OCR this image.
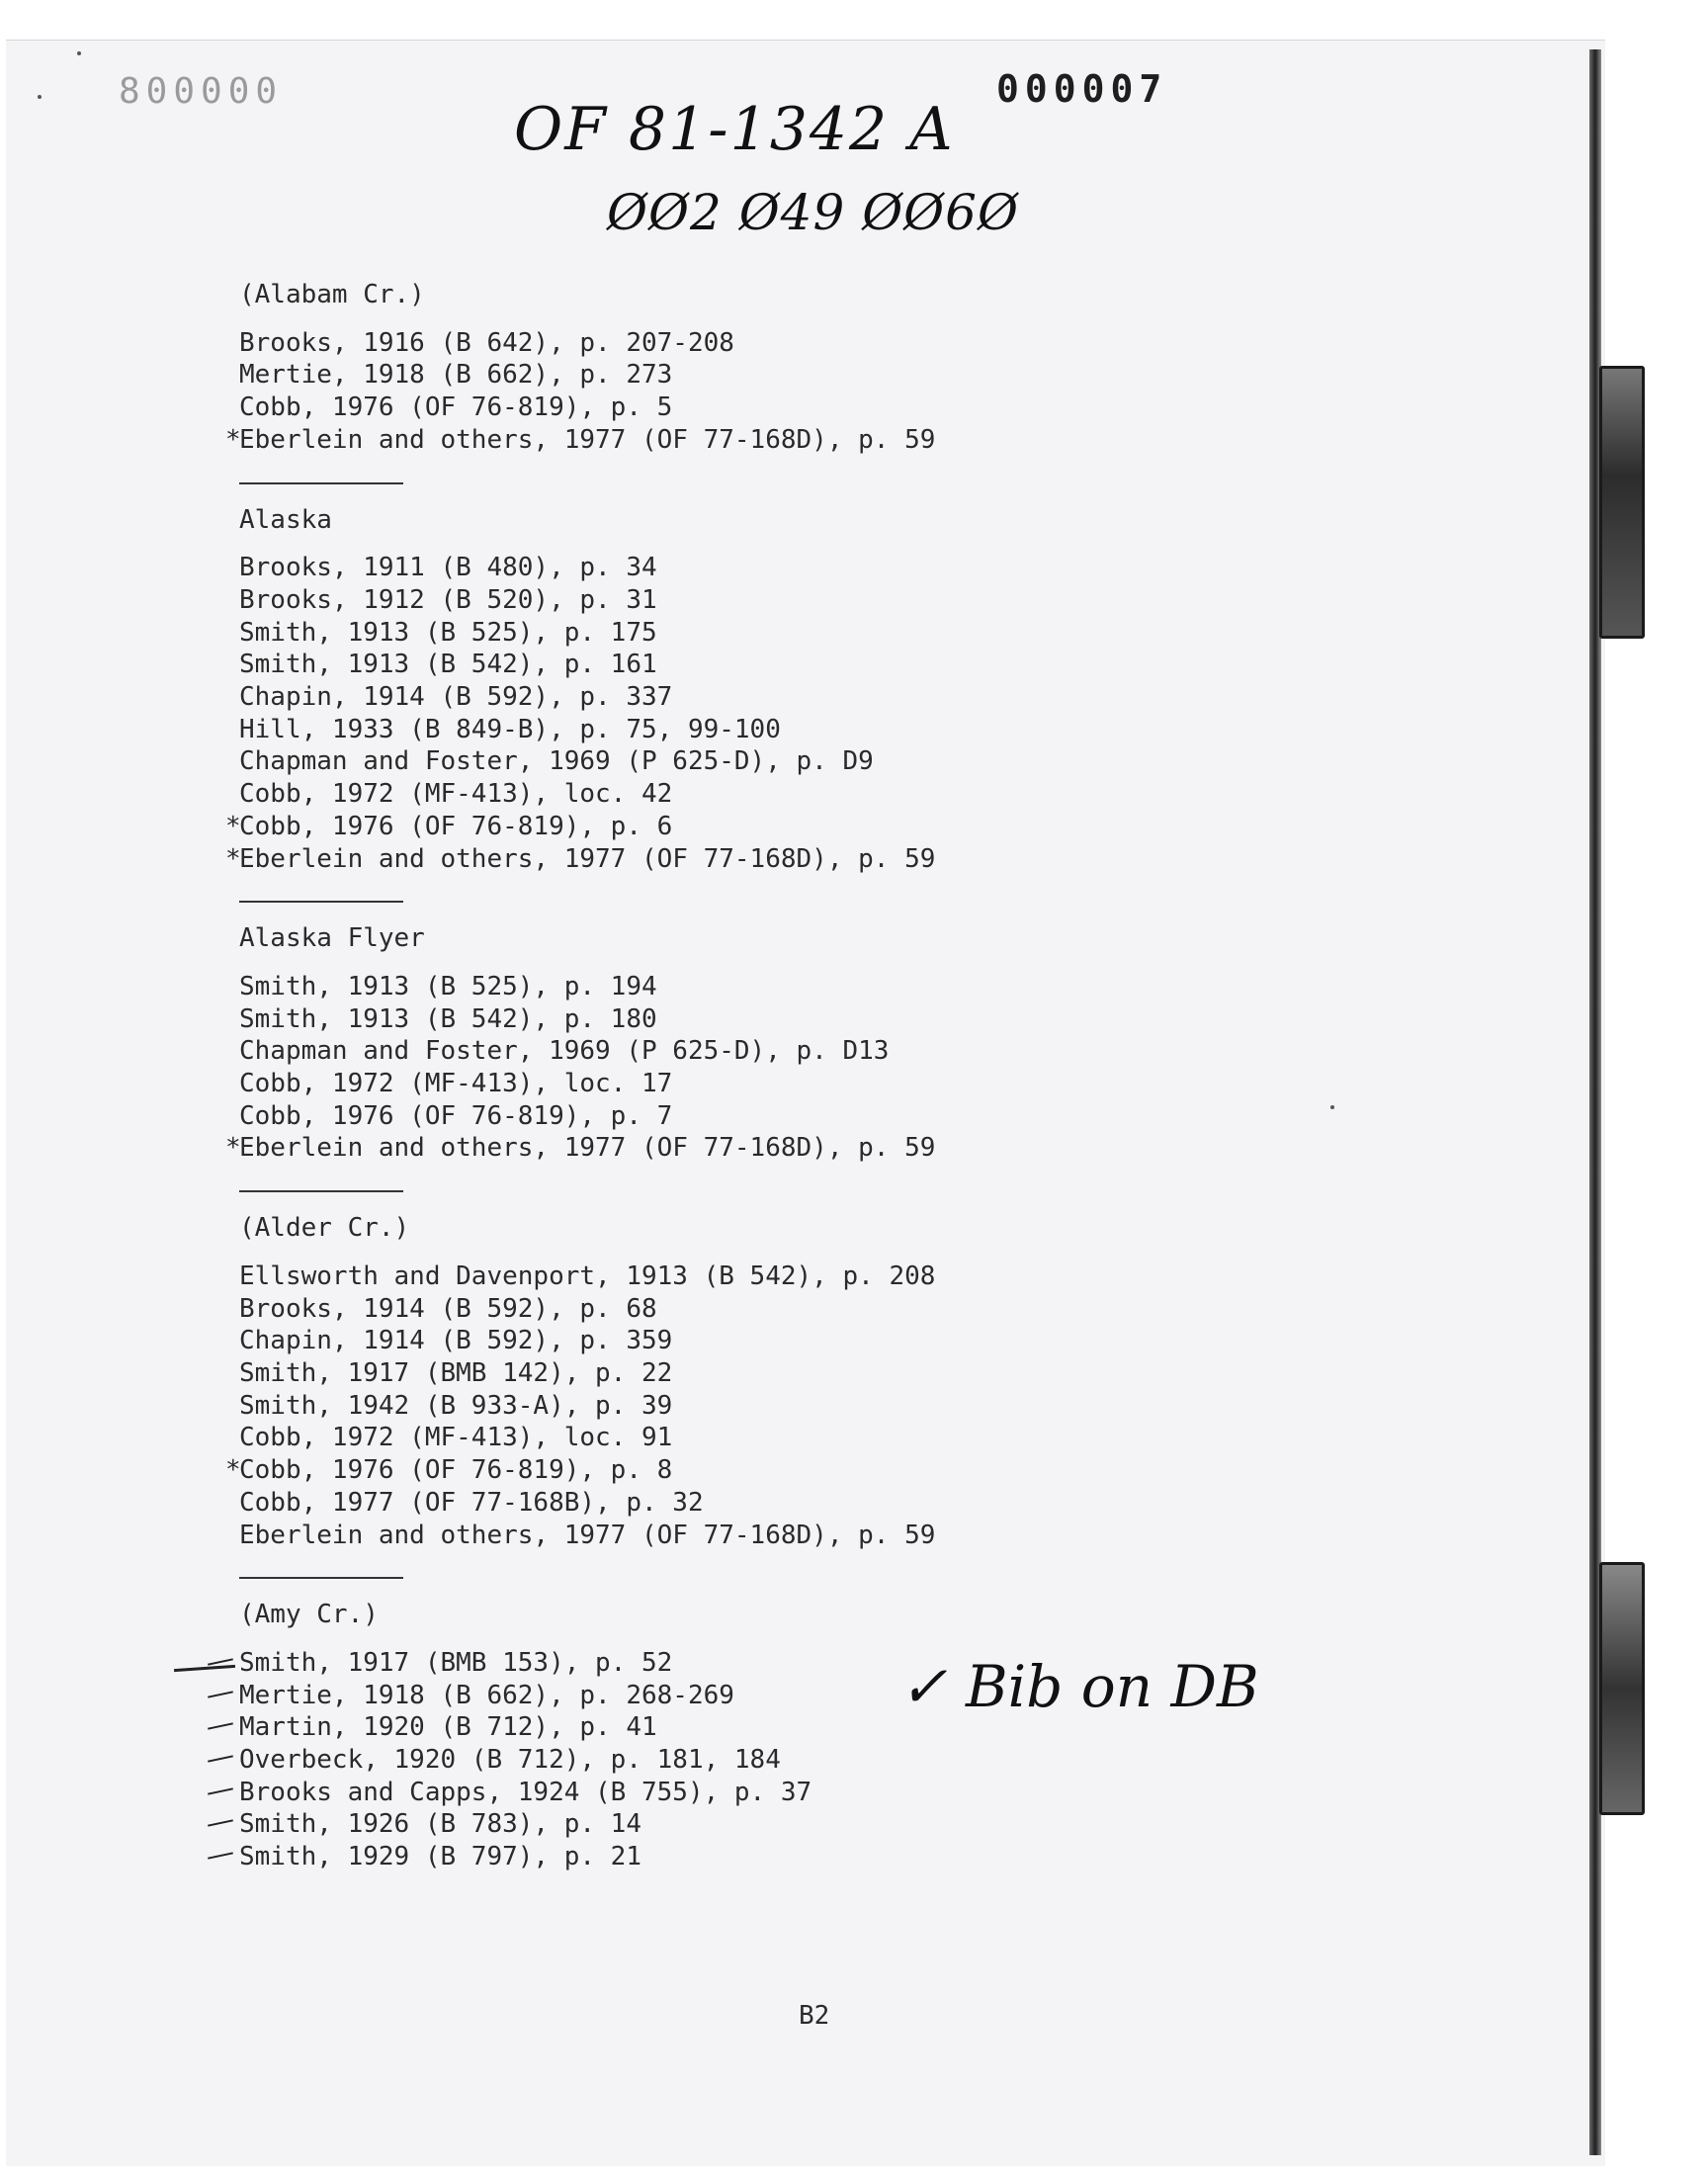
800000	000007
OF 81-1342 A
ØØ2 Ø49 ØØ6Ø
✓ Bib on DB
(Alabam Cr.)
Brooks, 1916 (B 642), p. 207-208
Mertie, 1918 (B 662), p. 273
Cobb, 1976 (OF 76-819), p. 5
*
Eberlein and others, 1977 (OF 77-168D), p. 59
Alaska
Brooks, 1911 (B 480), p. 34
Brooks, 1912 (B 520), p. 31
Smith, 1913 (B 525), p. 175
Smith, 1913 (B 542), p. 161
Chapin, 1914 (B 592), p. 337
Hill, 1933 (B 849-B), p. 75, 99-100
Chapman and Foster, 1969 (P 625-D), p. D9
Cobb, 1972 (MF-413), loc. 42
*
Cobb, 1976 (OF 76-819), p. 6
*
Eberlein and others, 1977 (OF 77-168D), p. 59
Alaska Flyer
Smith, 1913 (B 525), p. 194
Smith, 1913 (B 542), p. 180
Chapman and Foster, 1969 (P 625-D), p. D13
Cobb, 1972 (MF-413), loc. 17
Cobb, 1976 (OF 76-819), p. 7
*
Eberlein and others, 1977 (OF 77-168D), p. 59
(Alder Cr.)
Ellsworth and Davenport, 1913 (B 542), p. 208
Brooks, 1914 (B 592), p. 68
Chapin, 1914 (B 592), p. 359
Smith, 1917 (BMB 142), p. 22
Smith, 1942 (B 933-A), p. 39
Cobb, 1972 (MF-413), loc. 91
*
Cobb, 1976 (OF 76-819), p. 8
Cobb, 1977 (OF 77-168B), p. 32
Eberlein and others, 1977 (OF 77-168D), p. 59
(Amy Cr.)
Smith, 1917 (BMB 153), p. 52
Mertie, 1918 (B 662), p. 268-269
Martin, 1920 (B 712), p. 41
Overbeck, 1920 (B 712), p. 181, 184
Brooks and Capps, 1924 (B 755), p. 37
Smith, 1926 (B 783), p. 14
Smith, 1929 (B 797), p. 21
B2
